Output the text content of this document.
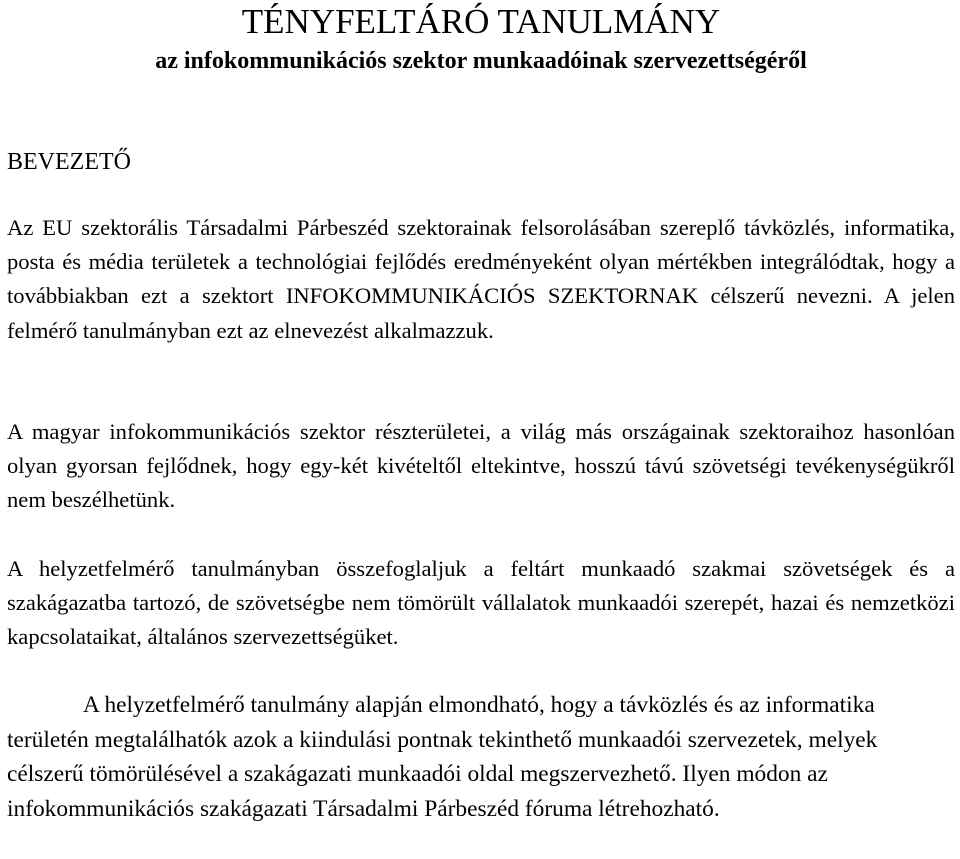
TÉNYFELTÁRÓ TANULMÁNY
az infokommunikációs szektor munkaadóinak szervezettségéről
BEVEZETŐ

Az EU szektorális Társadalmi Párbeszéd szektorainak felsorolásában szereplő távközlés, informatika, posta és média területek a technológiai fejlődés eredményeként olyan mértékben integrálódtak, hogy a továbbiakban ezt a szektort INFOKOMMUNIKÁCIÓS SZEKTORNAK célszerű nevezni. A jelen felmérő tanulmányban ezt az elnevezést alkalmazzuk.

A magyar infokommunikációs szektor részterületei, a világ más országainak szektoraihoz hasonlóan olyan gyorsan fejlődnek, hogy egy-két kivételtől eltekintve, hosszú távú szövetségi tevékenységükről nem beszélhetünk.

A helyzetfelmérő tanulmányban összefoglaljuk a feltárt munkaadó szakmai szövetségek és a szakágazatba tartozó, de szövetségbe nem tömörült vállalatok munkaadói szerepét, hazai és nemzetközi kapcsolataikat, általános szervezettségüket.

A helyzetfelmérő tanulmány alapján elmondható, hogy a távközlés és az informatika területén megtalálhatók azok a kiindulási pontnak tekinthető munkaadói szervezetek, melyek célszerű tömörülésével a szakágazati munkaadói oldal megszervezhető. Ilyen módon az infokommunikációs szakágazati Társadalmi Párbeszéd fóruma létrehozható.
